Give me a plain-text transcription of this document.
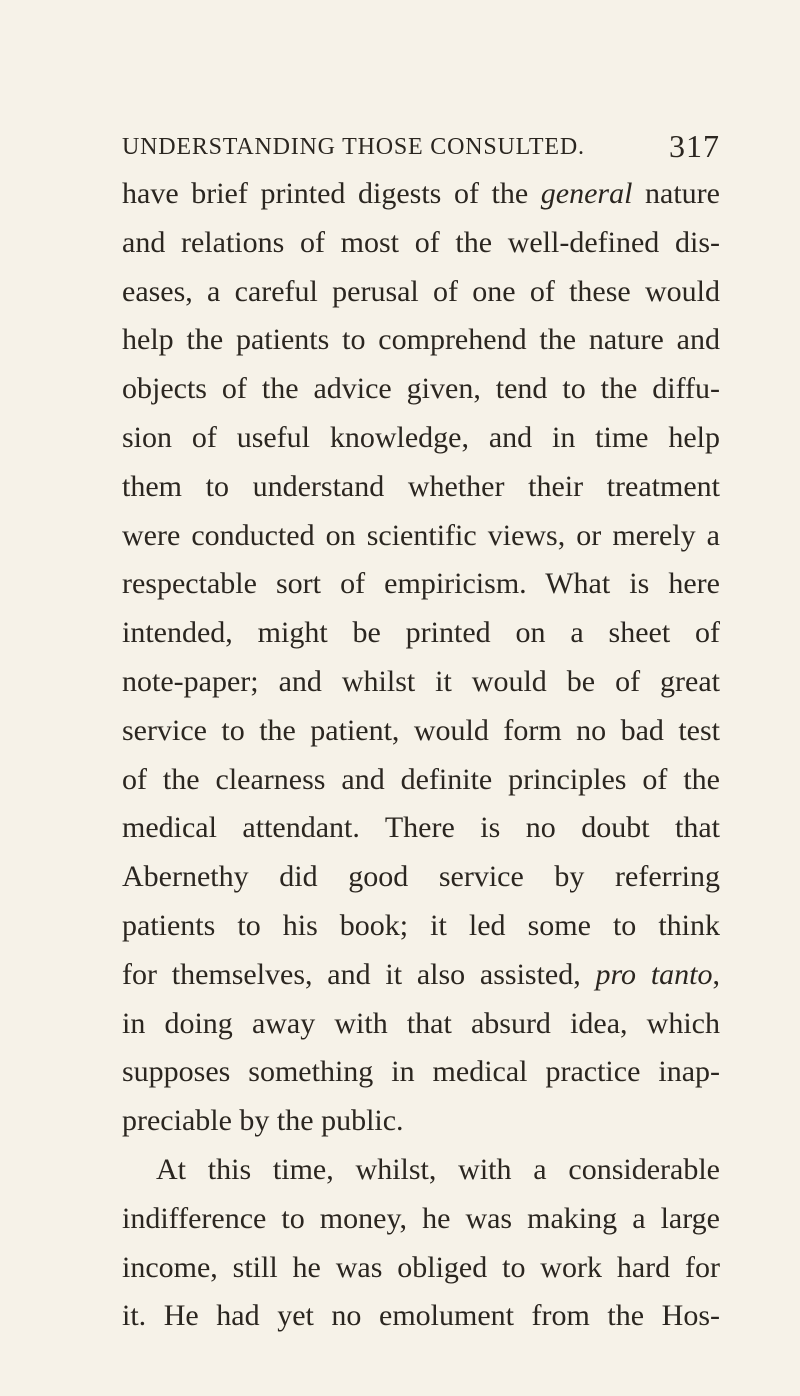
UNDERSTANDING THOSE CONSULTED.	317
have brief printed digests of the general nature
and relations of most of the well-defined dis-
eases, a careful perusal of one of these would
help the patients to comprehend the nature and
objects of the advice given, tend to the diffu-
sion of useful knowledge, and in time help
them to understand whether their treatment
were conducted on scientific views, or merely a
respectable sort of empiricism. What is here
intended, might be printed on a sheet of
note-paper; and whilst it would be of great
service to the patient, would form no bad test
of the clearness and definite principles of the
medical attendant. There is no doubt that
Abernethy did good service by referring
patients to his book; it led some to think
for themselves, and it also assisted, pro tanto,
in doing away with that absurd idea, which
supposes something in medical practice inap-
preciable by the public.
At this time, whilst, with a considerable
indifference to money, he was making a large
income, still he was obliged to work hard for
it. He had yet no emolument from the Hos-
